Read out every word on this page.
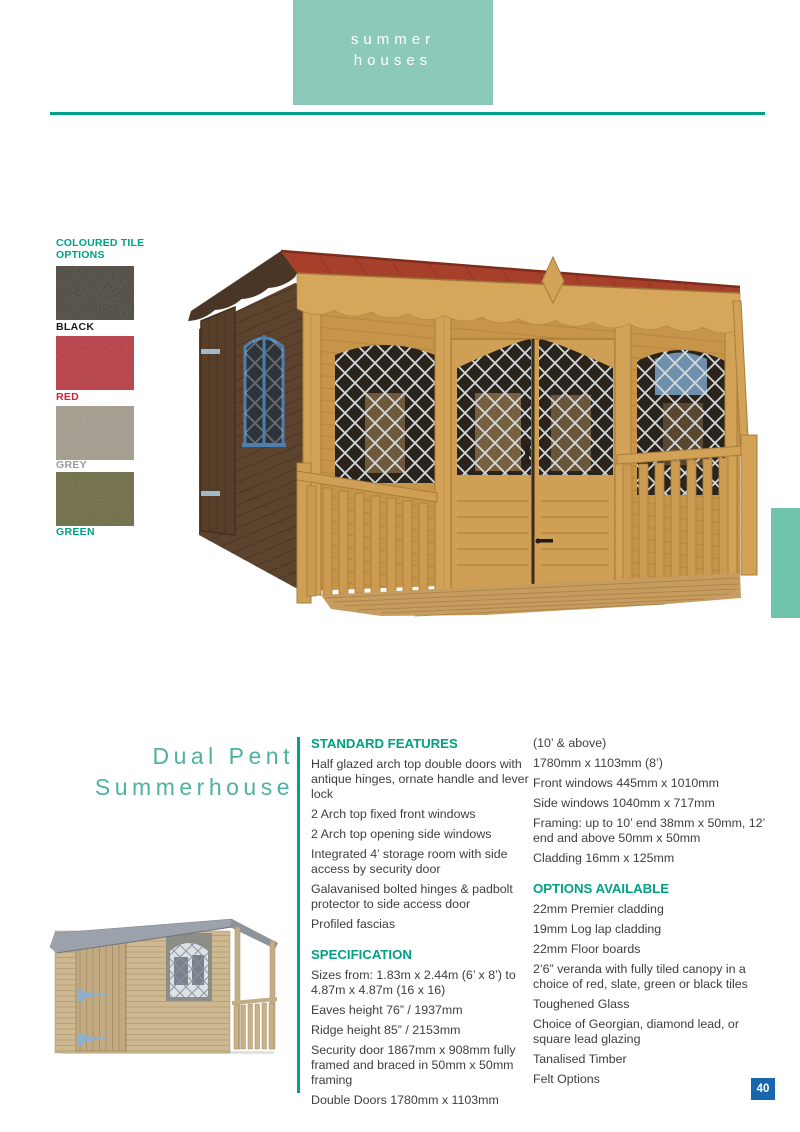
summer
houses
COLOURED TILE OPTIONS
BLACK
RED
GREY
GREEN
Dual Pent
Summerhouse

STANDARD FEATURES

Half glazed arch top double doors with antique hinges, ornate handle and lever lock

2 Arch top fixed front windows

2 Arch top opening side windows

Integrated 4’ storage room with side access by security door

Galavanised bolted hinges & padbolt protector to side access door

Profiled fascias

SPECIFICATION

Sizes from: 1.83m x 2.44m (6’ x 8’) to 4.87m x 4.87m (16 x 16)

Eaves height 76” / 1937mm

Ridge height 85” / 2153mm

Security door 1867mm x 908mm fully framed and braced in 50mm x 50mm framing

Double Doors 1780mm x 1103mm

(10’ & above)

1780mm x 1103mm (8’)

Front windows 445mm x 1010mm

Side windows 1040mm x 717mm

Framing: up to 10’ end 38mm x 50mm, 12’ end and above 50mm x 50mm

Cladding 16mm x 125mm

OPTIONS AVAILABLE

22mm Premier cladding

19mm Log lap cladding

22mm Floor boards

2’6” veranda with fully tiled canopy in a choice of red, slate, green or black tiles

Toughened Glass

Choice of Georgian, diamond lead, or square lead glazing

Tanalised Timber

Felt Options

40
